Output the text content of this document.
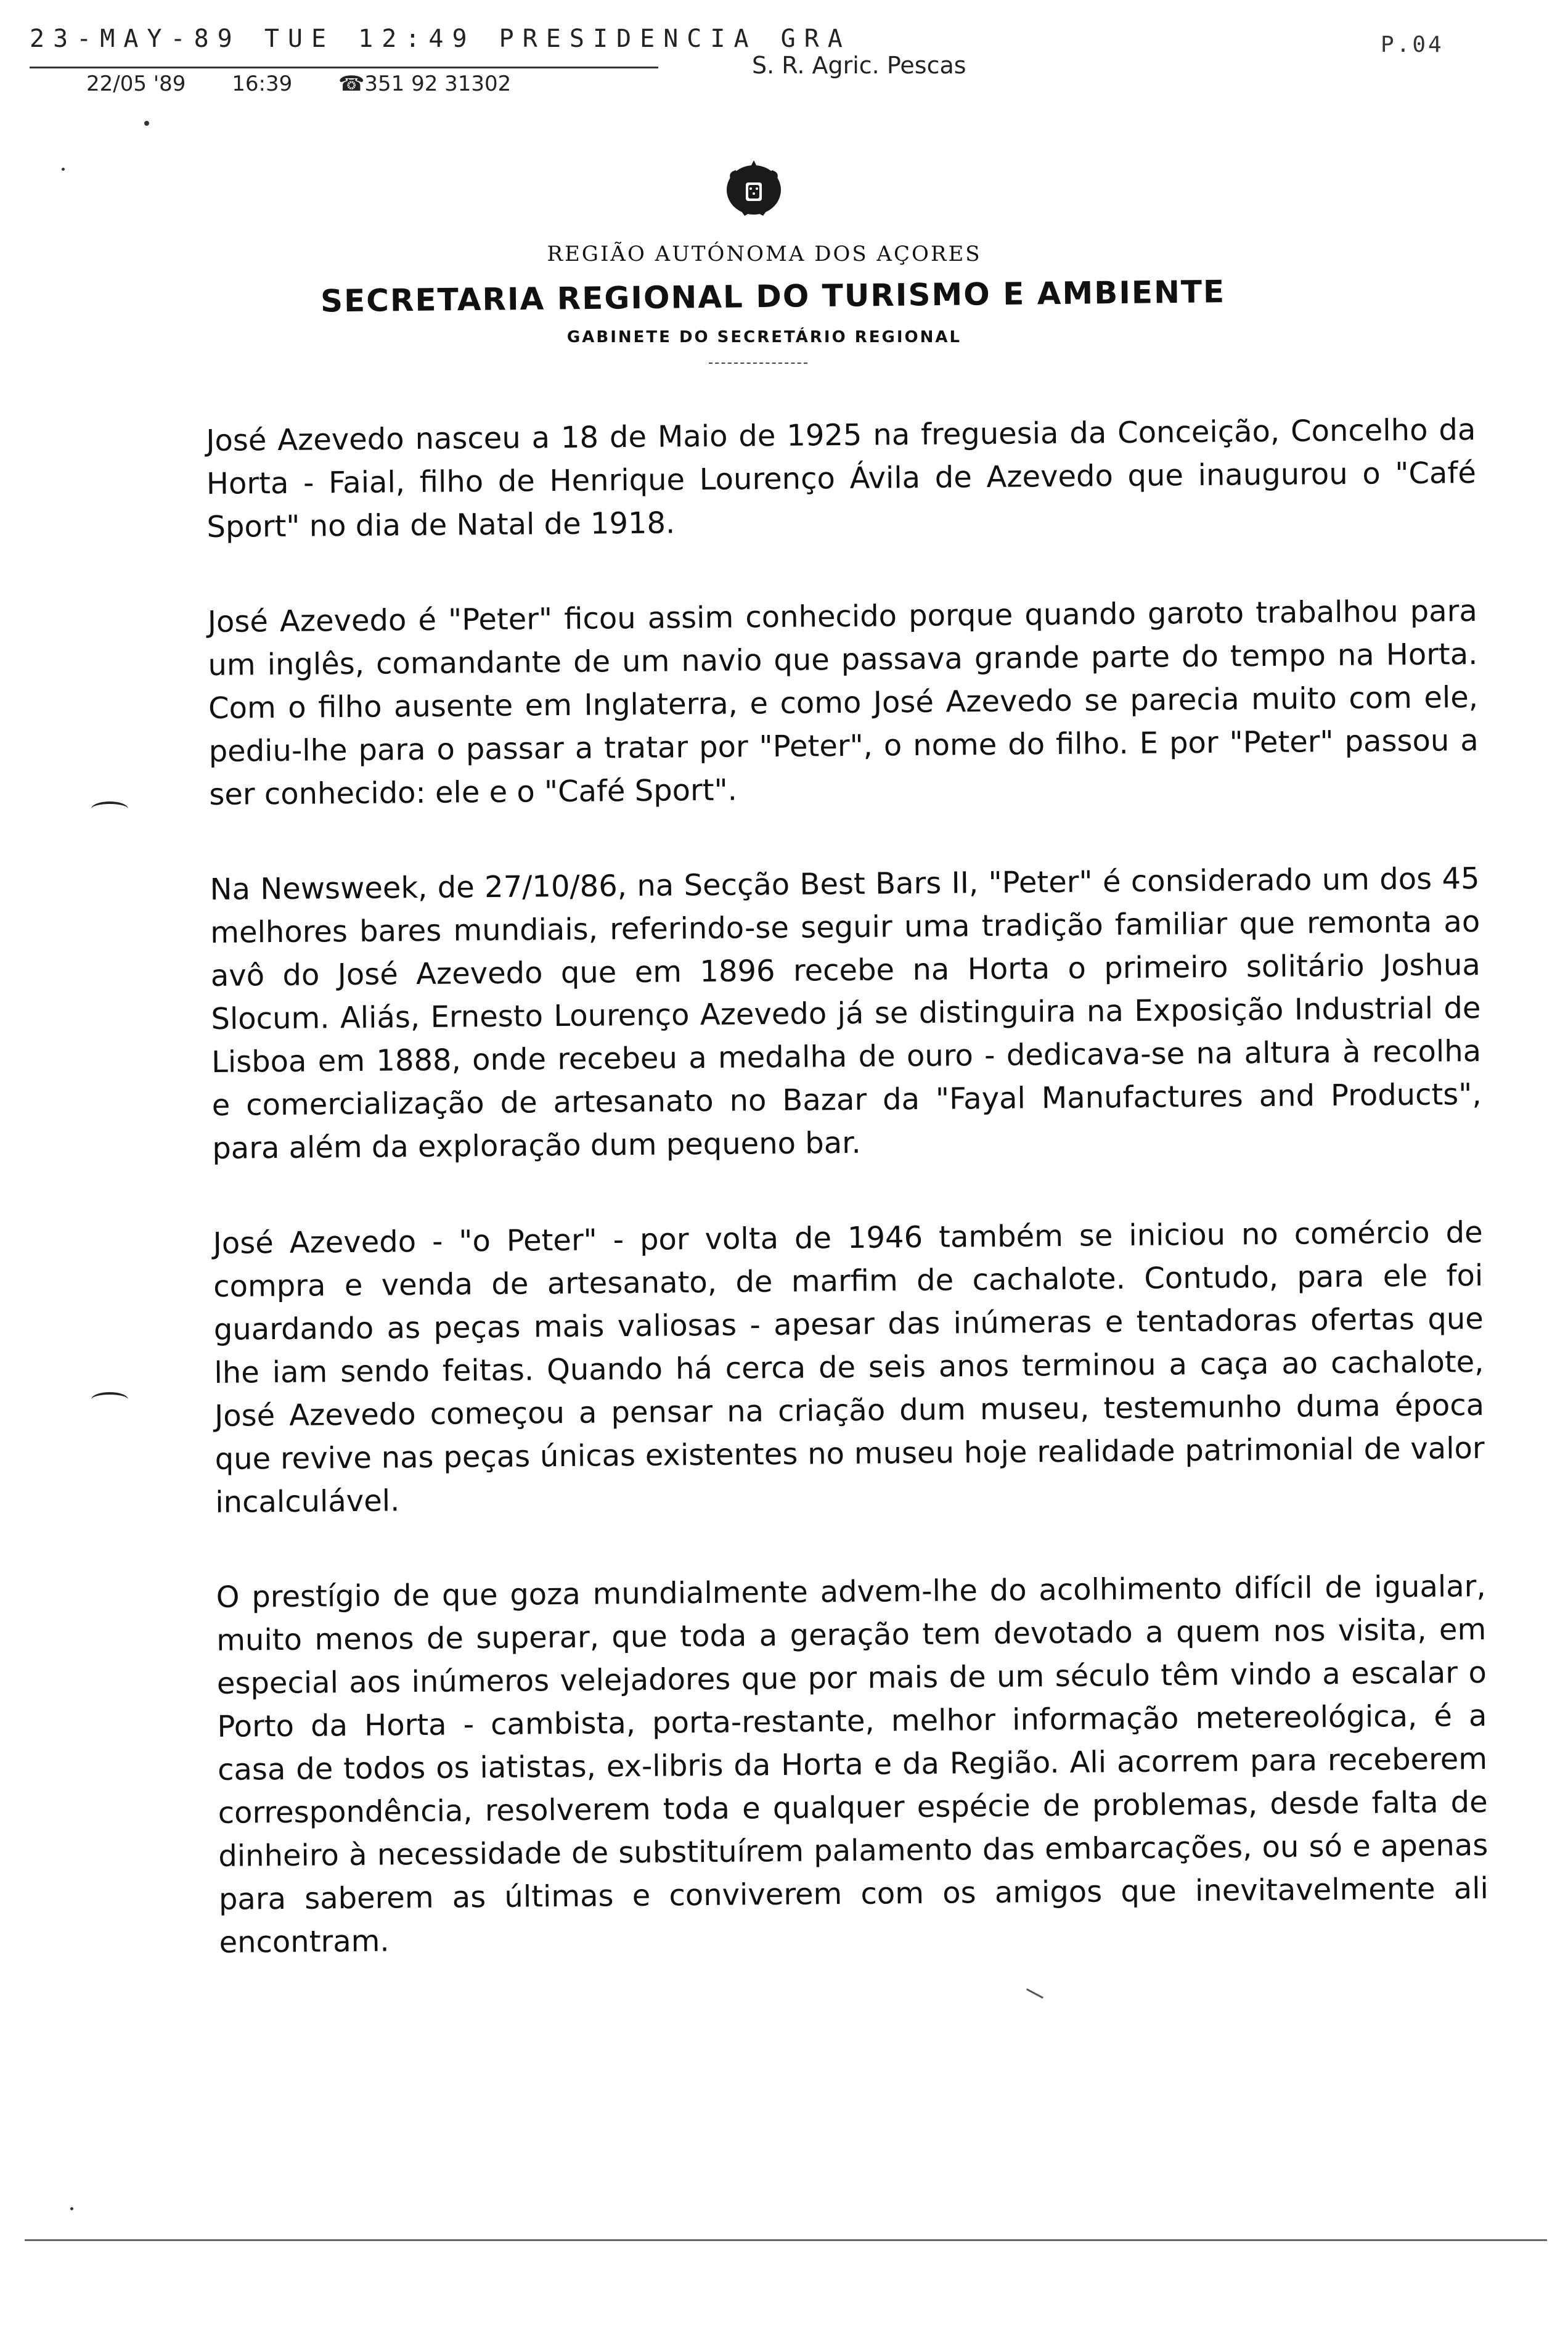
23-MAY-89 TUE 12:49 PRESIDENCIA GRA	P.04
22/05 '89 16:39 ☎351 92 31302
S. R. Agric. Pescas
REGIÃO AUTÓNOMA DOS AÇORES
SECRETARIA REGIONAL DO TURISMO E AMBIENTE
GABINETE DO SECRETÁRIO REGIONAL

José Azevedo nasceu a 18 de Maio de 1925 na freguesia da Conceição, Concelho da Horta - Faial, filho de Henrique Lourenço Ávila de Azevedo que inaugurou o "Café Sport" no dia de Natal de 1918.

José Azevedo é "Peter" ficou assim conhecido porque quando garoto trabalhou para um inglês, comandante de um navio que passava grande parte do tempo na Horta. Com o filho ausente em Inglaterra, e como José Azevedo se parecia muito com ele, pediu-lhe para o passar a tratar por "Peter", o nome do filho. E por "Peter" passou a ser conhecido: ele e o "Café Sport".

Na Newsweek, de 27/10/86, na Secção Best Bars II, "Peter" é considerado um dos 45 melhores bares mundiais, referindo-se seguir uma tradição familiar que remonta ao avô do José Azevedo que em 1896 recebe na Horta o primeiro solitário Joshua Slocum. Aliás, Ernesto Lourenço Azevedo já se distinguira na Exposição Industrial de Lisboa em 1888, onde recebeu a medalha de ouro - dedicava-se na altura à recolha e comercialização de artesanato no Bazar da "Fayal Manufactures and Products", para além da exploração dum pequeno bar.

José Azevedo - "o Peter" - por volta de 1946 também se iniciou no comércio de compra e venda de artesanato, de marfim de cachalote. Contudo, para ele foi guardando as peças mais valiosas - apesar das inúmeras e tentadoras ofertas que lhe iam sendo feitas. Quando há cerca de seis anos terminou a caça ao cachalote, José Azevedo começou a pensar na criação dum museu, testemunho duma época que revive nas peças únicas existentes no museu hoje realidade patrimonial de valor incalculável.

O prestígio de que goza mundialmente advem-lhe do acolhimento difícil de igualar, muito menos de superar, que toda a geração tem devotado a quem nos visita, em especial aos inúmeros velejadores que por mais de um século têm vindo a escalar o Porto da Horta - cambista, porta-restante, melhor informação metereológica, é a casa de todos os iatistas, ex-libris da Horta e da Região. Ali acorrem para receberem correspondência, resolverem toda e qualquer espécie de problemas, desde falta de dinheiro à necessidade de substituírem palamento das embarcações, ou só e apenas para saberem as últimas e conviverem com os amigos que inevitavelmente ali encontram.
